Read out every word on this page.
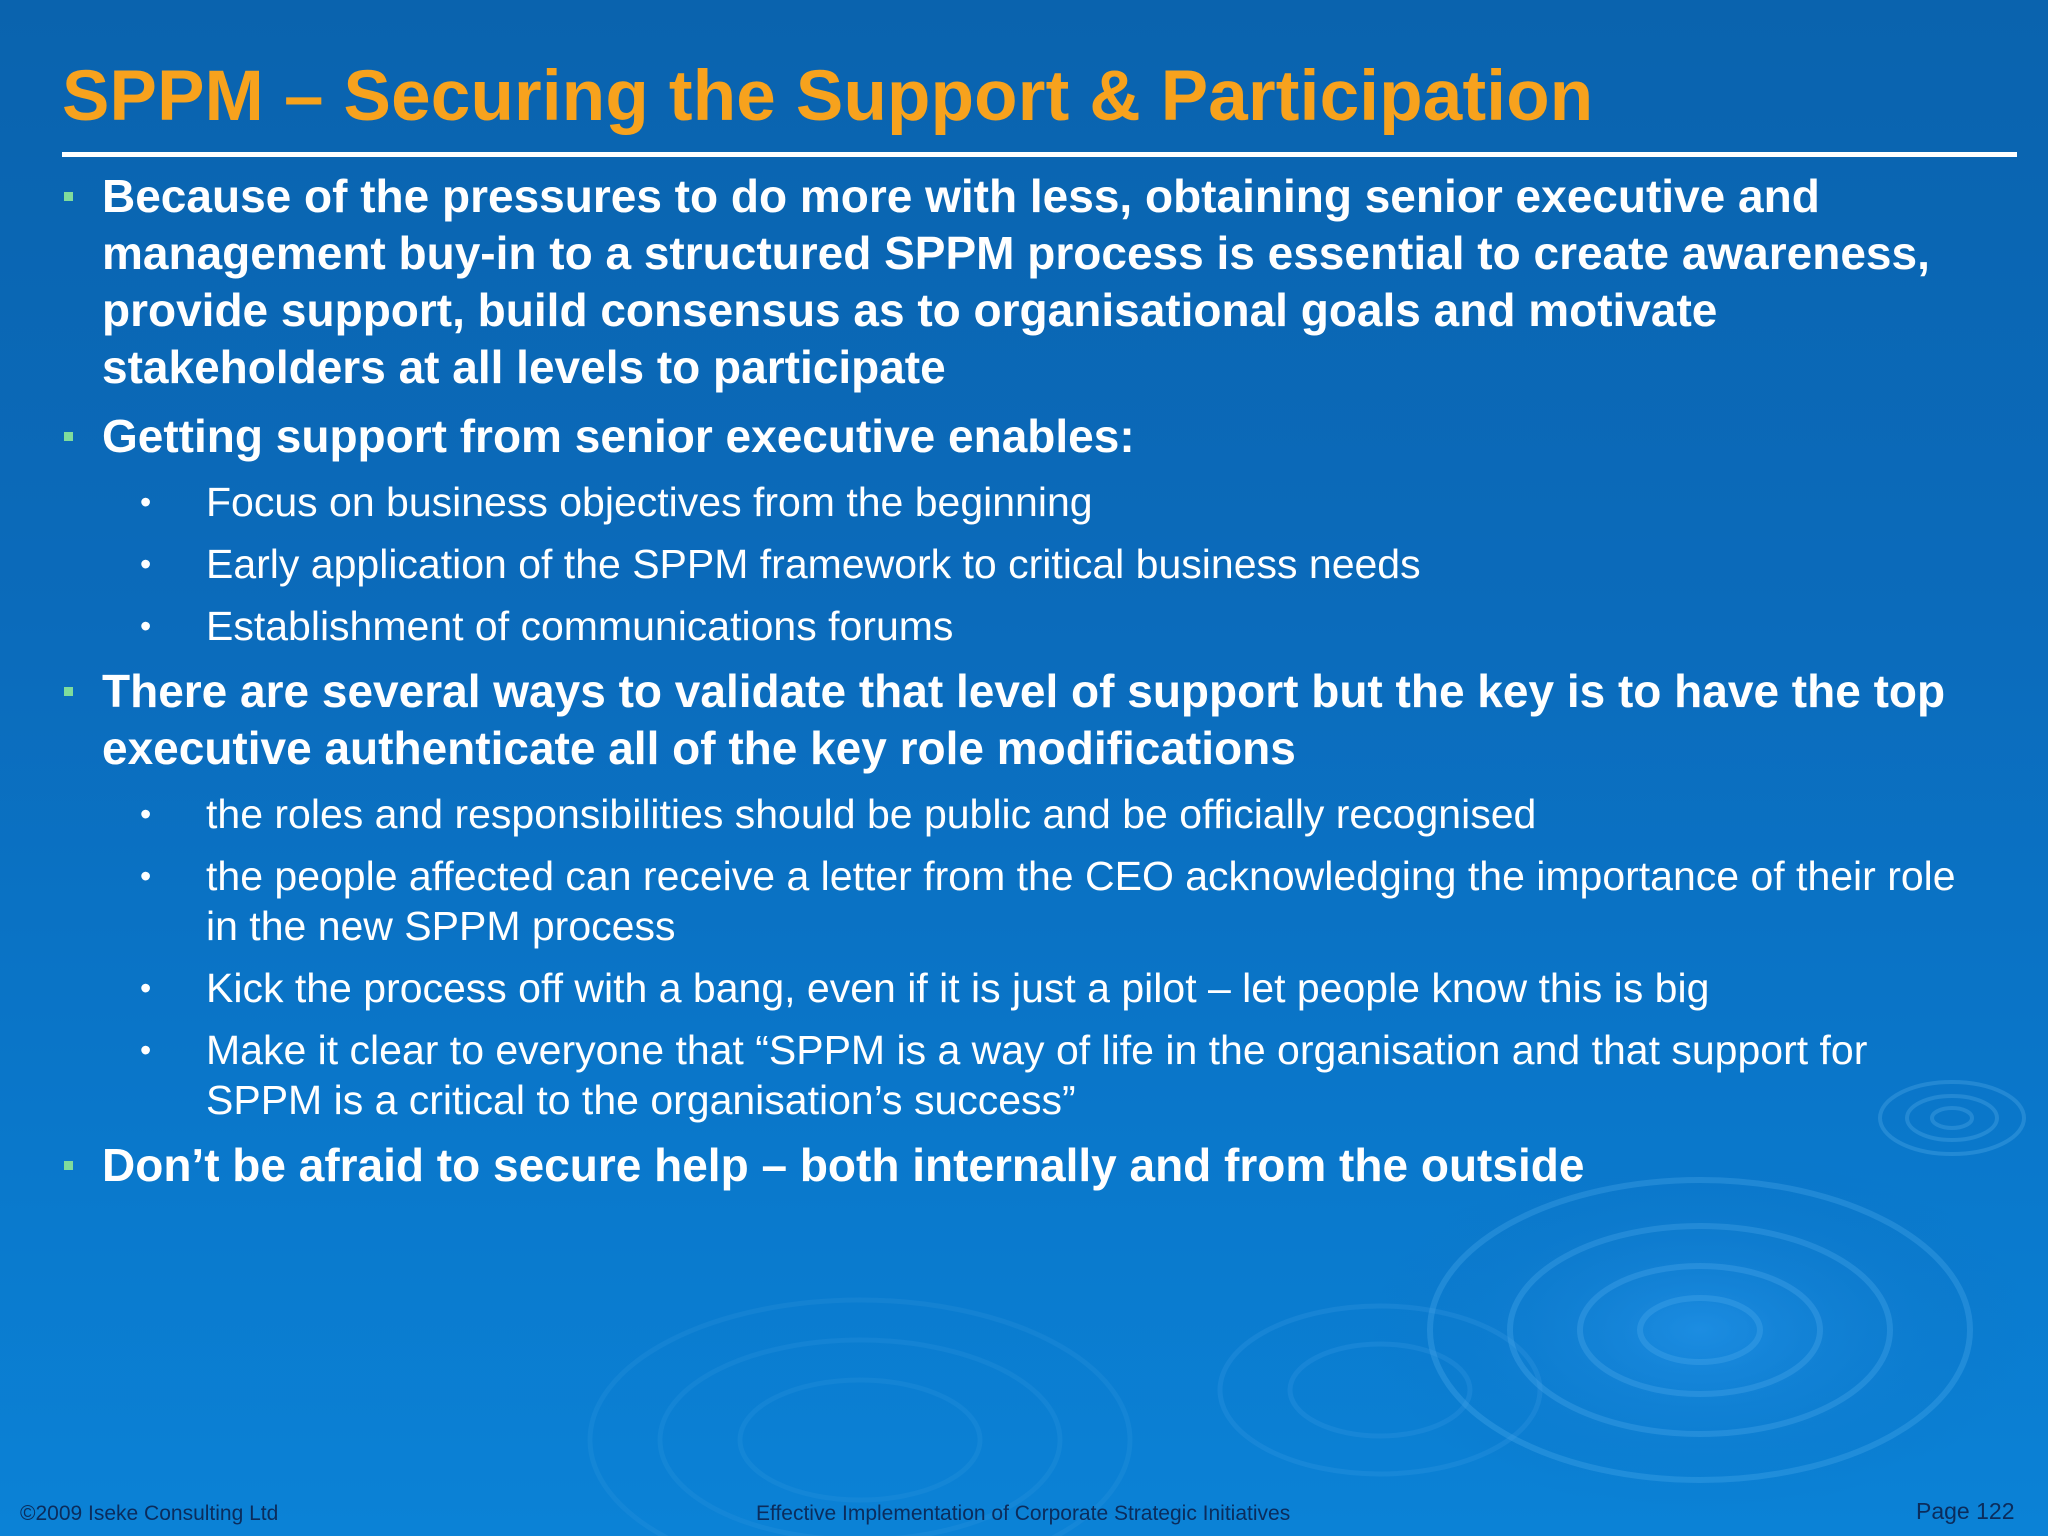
SPPM – Securing the Support & Participation
Because of the pressures to do more with less, obtaining senior executive and management buy-in to a structured SPPM process is essential to create awareness, provide support, build consensus as to organisational goals and motivate stakeholders at all levels to participate
Getting support from senior executive enables:
• Focus on business objectives from the beginning
• Early application of the SPPM framework to critical business needs
• Establishment of communications forums
There are several ways to validate that level of support but the key is to have the top executive authenticate all of the key role modifications
• the roles and responsibilities should be public and be officially recognised
• the people affected can receive a letter from the CEO acknowledging the importance of their role in the new SPPM process
• Kick the process off with a bang, even if it is just a pilot – let people know this is big
• Make it clear to everyone that “SPPM is a way of life in the organisation and that support for SPPM is a critical to the organisation’s success”
Don’t be afraid to secure help – both internally and from the outside
©2009 Iseke Consulting Ltd	Effective Implementation of Corporate Strategic Initiatives	Page 122
